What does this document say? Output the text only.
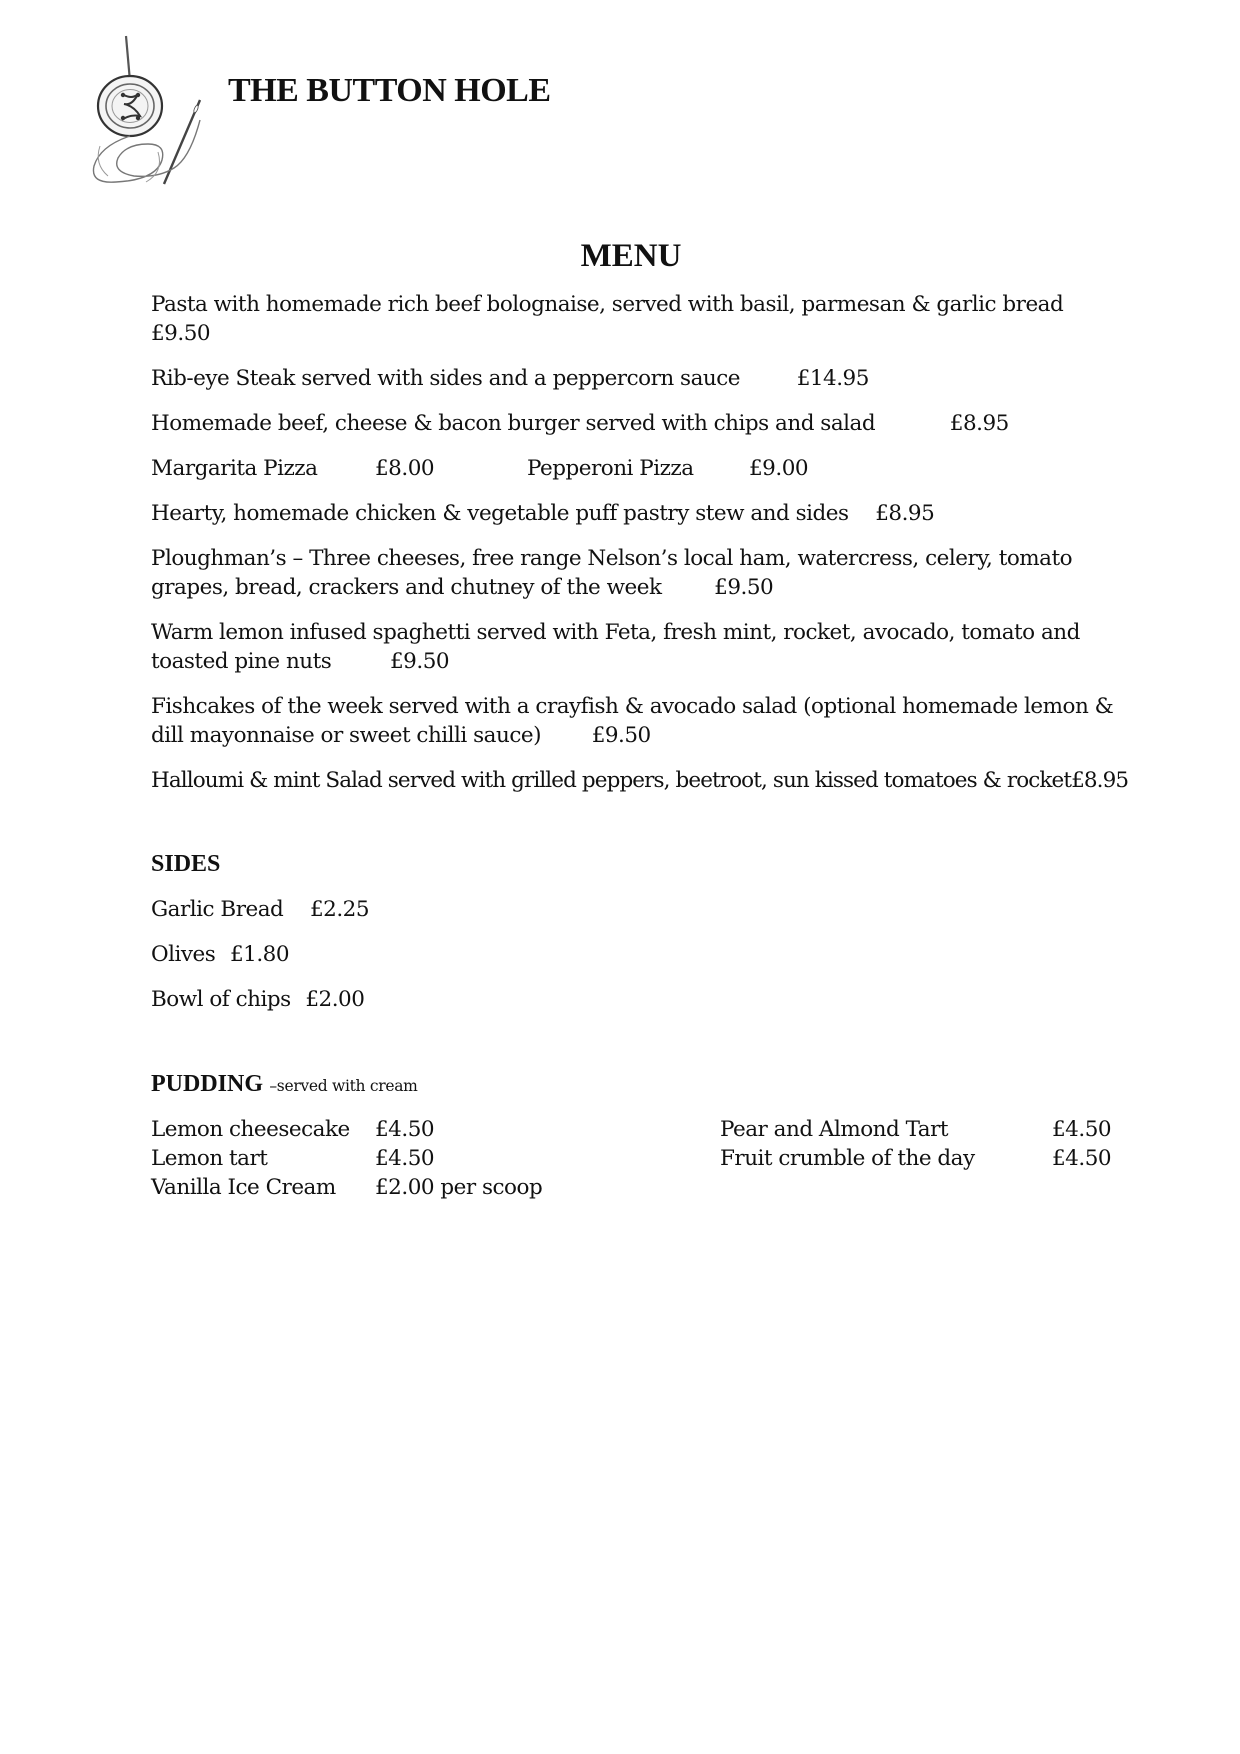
THE BUTTON HOLE
MENU
Pasta with homemade rich beef bolognaise, served with basil, parmesan & garlic bread  £9.50
Rib-eye Steak served with sides and a peppercorn sauce	£14.95
Homemade beef, cheese & bacon burger served with chips and salad	£8.95
Margarita Pizza	£8.00	Pepperoni Pizza	£9.00
Hearty, homemade chicken & vegetable puff pastry stew and sides £8.95
Ploughman’s – Three cheeses, free range Nelson’s local ham, watercress, celery, tomato grapes, bread, crackers and chutney of the week £9.50
Warm lemon infused spaghetti served with Feta, fresh mint, rocket, avocado, tomato and toasted pine nuts	£9.50
Fishcakes of the week served with a crayfish & avocado salad (optional homemade lemon & dill mayonnaise or sweet chilli sauce) £9.50
Halloumi & mint Salad served with grilled peppers, beetroot, sun kissed tomatoes & rocket£8.95
SIDES
Garlic Bread £2.25
Olives £1.80
Bowl of chips £2.00
PUDDING –served with cream
Lemon cheesecake £4.50
Lemon tart	£4.50
Vanilla Ice Cream £2.00 per scoop
Pear and Almond Tart	£4.50
Fruit crumble of the day	£4.50
